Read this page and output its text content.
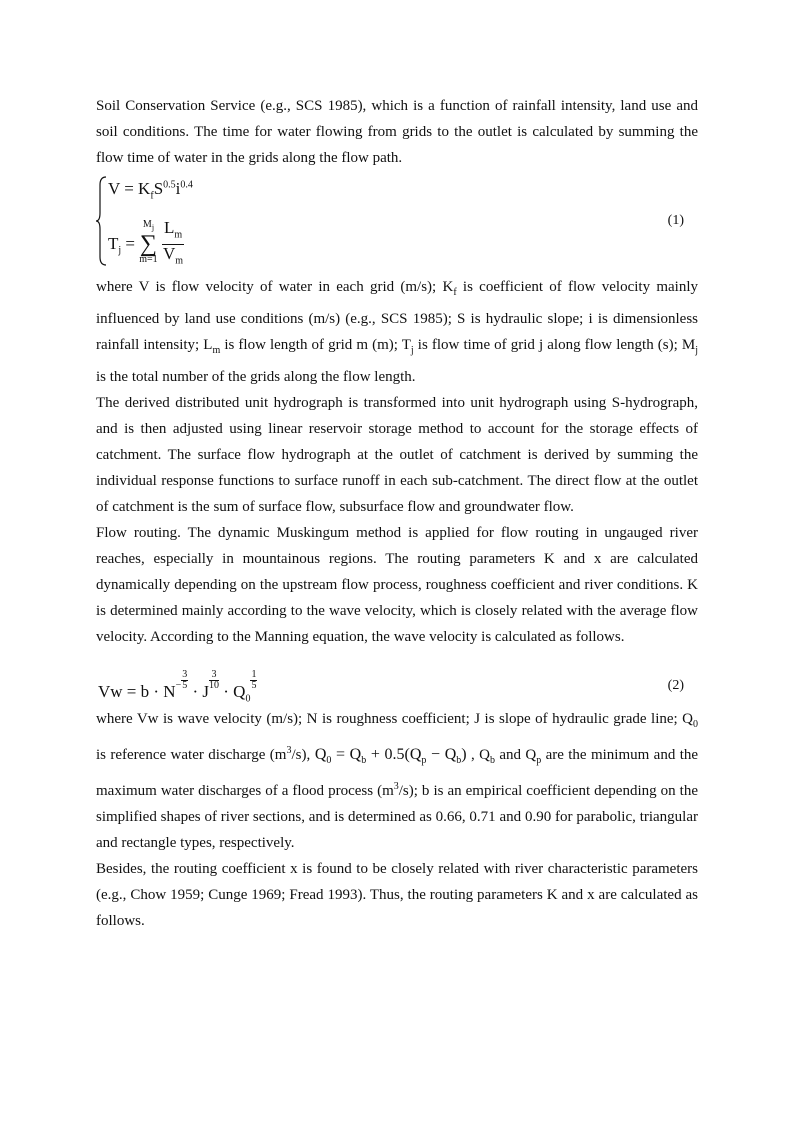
Soil Conservation Service (e.g., SCS 1985), which is a function of rainfall intensity, land use and soil conditions. The time for water flowing from grids to the outlet is calculated by summing the flow time of water in the grids along the flow path.

$V = K_fS^{0.5}i^{0.4}$
$T_j$ =
$M_j$
∑
m=1
$\frac{L_m}{V_m}$	(1)

where V is flow velocity of water in each grid (m/s); $K_f$ is coefficient of flow velocity mainly influenced by land use conditions (m/s) (e.g., SCS 1985); S is hydraulic slope; i is dimensionless rainfall intensity; $L_m$ is flow length of grid m (m); $T_j$ is flow time of grid j along flow length (s); $M_j$ is the total number of the grids along the flow length.

The derived distributed unit hydrograph is transformed into unit hydrograph using S-hydrograph, and is then adjusted using linear reservoir storage method to account for the storage effects of catchment. The surface flow hydrograph at the outlet of catchment is derived by summing the individual response functions to surface runoff in each sub-catchment. The direct flow at the outlet of catchment is the sum of surface flow, subsurface flow and groundwater flow.

Flow routing. The dynamic Muskingum method is applied for flow routing in ungauged river reaches, especially in mountainous regions. The routing parameters K and x are calculated dynamically depending on the upstream flow process, roughness coefficient and river conditions. K is determined mainly according to the wave velocity, which is closely related with the average flow velocity. According to the Manning equation, the wave velocity is calculated as follows.

$Vw = b \cdot N^- \frac{3}{5}$
· J
$\frac{3}{10}$
· $Q_0$
$\frac{1}{5}$	(2)

where Vw is wave velocity (m/s); N is roughness coefficient; J is slope of hydraulic grade line; $Q_0$ is reference water discharge $(m^3/s)$, $Q_0 = Q_b + 0.5(Q_p - Q_b)$ , $Q_b$ and $Q_p$ are the minimum and the maximum water discharges of a flood process $(m^3/s)$; b is an empirical coefficient depending on the simplified shapes of river sections, and is determined as 0.66, 0.71 and 0.90 for parabolic, triangular and rectangle types, respectively.

Besides, the routing coefficient x is found to be closely related with river characteristic parameters (e.g., Chow 1959; Cunge 1969; Fread 1993). Thus, the routing parameters K and x are calculated as follows.
